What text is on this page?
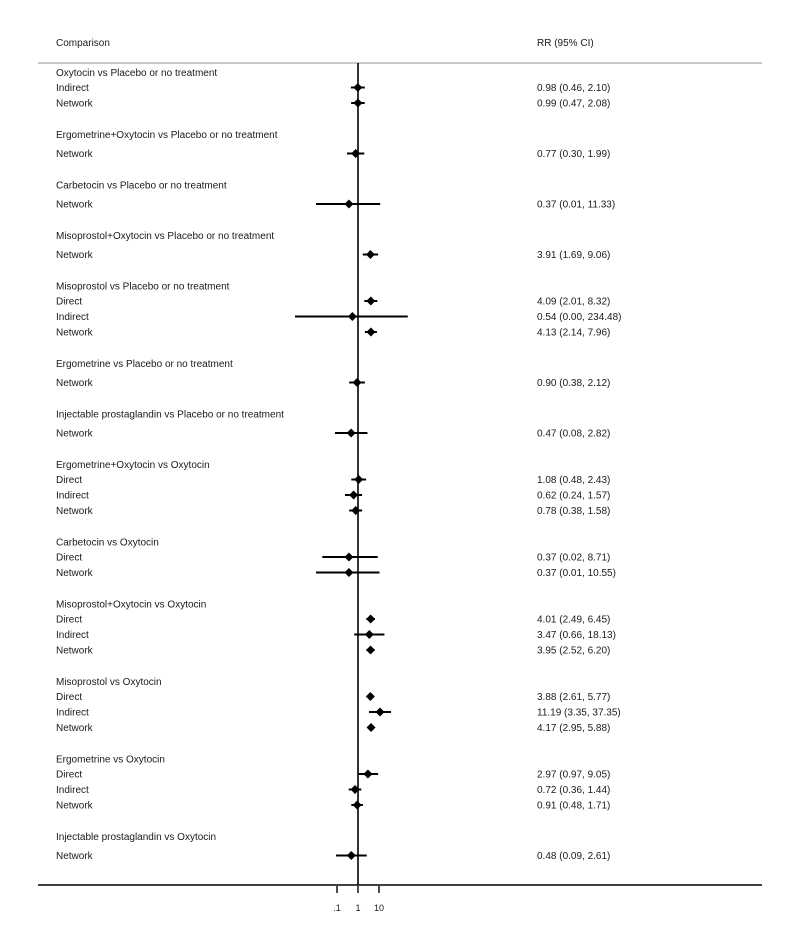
Comparison	RR (95% CI)
.1 1 10
Oxytocin vs Placebo or no treatment
Indirect	0.98 (0.46, 2.10)
Network	0.99 (0.47, 2.08)
Ergometrine+Oxytocin vs Placebo or no treatment
Network	0.77 (0.30, 1.99)
Carbetocin vs Placebo or no treatment
Network	0.37 (0.01, 11.33)
Misoprostol+Oxytocin vs Placebo or no treatment
Network	3.91 (1.69, 9.06)
Misoprostol vs Placebo or no treatment
Direct	4.09 (2.01, 8.32)
Indirect	0.54 (0.00, 234.48)
Network	4.13 (2.14, 7.96)
Ergometrine vs Placebo or no treatment
Network	0.90 (0.38, 2.12)
Injectable prostaglandin vs Placebo or no treatment
Network	0.47 (0.08, 2.82)
Ergometrine+Oxytocin vs Oxytocin
Direct	1.08 (0.48, 2.43)
Indirect	0.62 (0.24, 1.57)
Network	0.78 (0.38, 1.58)
Carbetocin vs Oxytocin
Direct	0.37 (0.02, 8.71)
Network	0.37 (0.01, 10.55)
Misoprostol+Oxytocin vs Oxytocin
Direct	4.01 (2.49, 6.45)
Indirect	3.47 (0.66, 18.13)
Network	3.95 (2.52, 6.20)
Misoprostol vs Oxytocin
Direct	3.88 (2.61, 5.77)
Indirect	11.19 (3.35, 37.35)
Network	4.17 (2.95, 5.88)
Ergometrine vs Oxytocin
Direct	2.97 (0.97, 9.05)
Indirect	0.72 (0.36, 1.44)
Network	0.91 (0.48, 1.71)
Injectable prostaglandin vs Oxytocin
Network	0.48 (0.09, 2.61)
